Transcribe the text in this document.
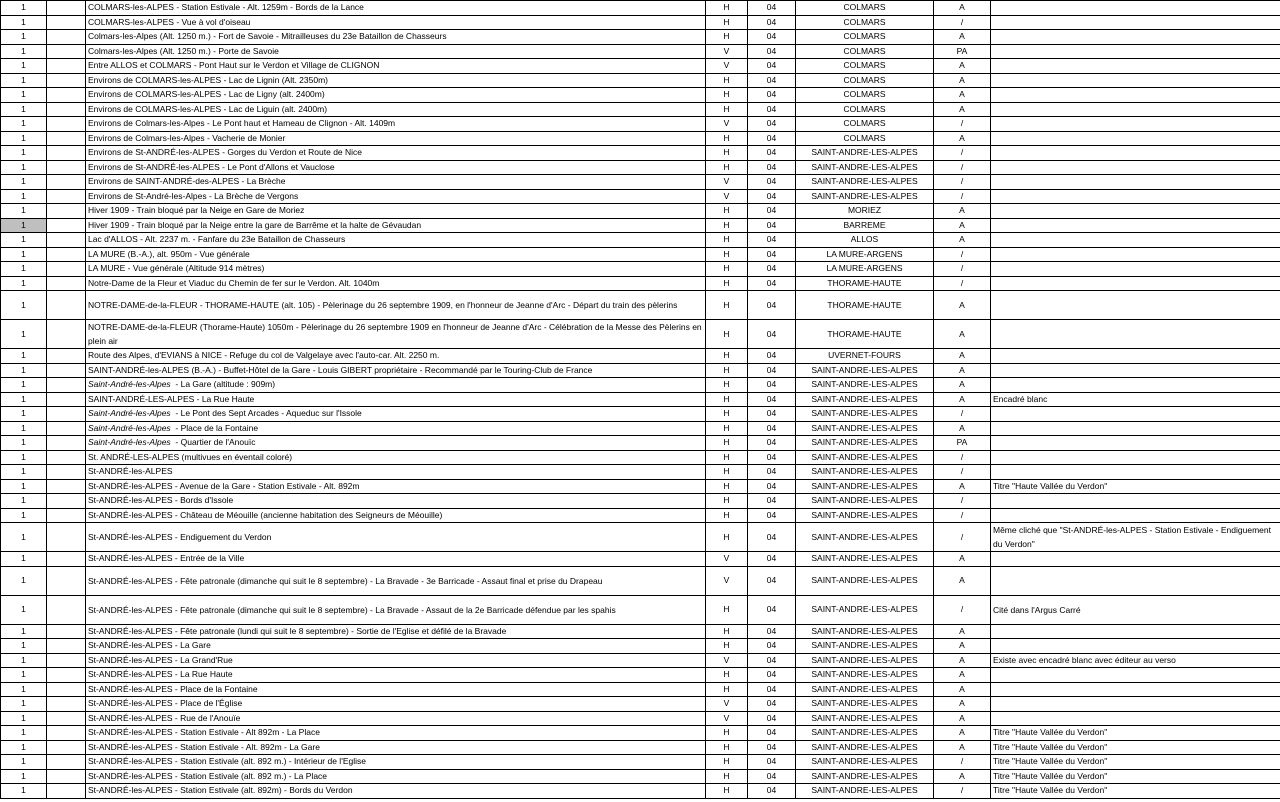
1		COLMARS-les-ALPES - Station Estivale - Alt. 1259m - Bords de la Lance	H	04	COLMARS	A	
1		COLMARS-les-ALPES - Vue à vol d'oiseau	H	04	COLMARS	/	
1		Colmars-les-Alpes (Alt. 1250 m.) - Fort de Savoie - Mitrailleuses du 23e Bataillon de Chasseurs	H	04	COLMARS	A	
1		Colmars-les-Alpes (Alt. 1250 m.) - Porte de Savoie	V	04	COLMARS	PA	
1		Entre ALLOS et COLMARS - Pont Haut sur le Verdon et Village de CLIGNON	V	04	COLMARS	A	
1		Environs de COLMARS-les-ALPES - Lac de Lignin (Alt. 2350m)	H	04	COLMARS	A	
1		Environs de COLMARS-les-ALPES - Lac de Ligny (alt. 2400m)	H	04	COLMARS	A	
1		Environs de COLMARS-les-ALPES - Lac de Liguin (alt. 2400m)	H	04	COLMARS	A	
1		Environs de Colmars-les-Alpes - Le Pont haut et Hameau de Clignon - Alt. 1409m	V	04	COLMARS	/	
1		Environs de Colmars-les-Alpes - Vacherie de Monier	H	04	COLMARS	A	
1		Environs de St-ANDRÉ-les-ALPES - Gorges du Verdon et Route de Nice	H	04	SAINT-ANDRE-LES-ALPES	/	
1		Environs de St-ANDRÉ-les-ALPES - Le Pont d'Allons et Vauclose	H	04	SAINT-ANDRE-LES-ALPES	/	
1		Environs de SAINT-ANDRÉ-des-ALPES - La Brèche	V	04	SAINT-ANDRE-LES-ALPES	/	
1		Environs de St-André-les-Alpes - La Brèche de Vergons	V	04	SAINT-ANDRE-LES-ALPES	/	
1		Hiver 1909 - Train bloqué par la Neige en Gare de Moriez	H	04	MORIEZ	A	
1		Hiver 1909 - Train bloqué par la Neige entre la gare de Barrême et la halte de Gévaudan	H	04	BARREME	A	
1		Lac d'ALLOS - Alt. 2237 m. - Fanfare du 23e Bataillon de Chasseurs	H	04	ALLOS	A	
1		LA MURE (B.-A.), alt. 950m - Vue générale	H	04	LA MURE-ARGENS	/	
1		LA MURE - Vue générale (Altitude 914 mètres)	H	04	LA MURE-ARGENS	/	
1		Notre-Dame de la Fleur et Viaduc du Chemin de fer sur le Verdon. Alt. 1040m	H	04	THORAME-HAUTE	/	
1		NOTRE-DAME-de-la-FLEUR - THORAME-HAUTE (alt. 105) - Pèlerinage du 26 septembre 1909, en l'honneur de Jeanne d'Arc - Départ du train des pèlerins	H	04	THORAME-HAUTE	A	
1		NOTRE-DAME-de-la-FLEUR (Thorame-Haute) 1050m - Pèlerinage du 26 septembre 1909 en l'honneur de Jeanne d'Arc - Célébration de la Messe des Pèlerins en plein air	H	04	THORAME-HAUTE	A	
1		Route des Alpes, d'EVIANS à NICE - Refuge du col de Valgelaye avec l'auto-car. Alt. 2250 m.	H	04	UVERNET-FOURS	A	
1		SAINT-ANDRÉ-les-ALPES (B.-A.) - Buffet-Hôtel de la Gare - Louis GIBERT propriétaire - Recommandé par le Touring-Club de France	H	04	SAINT-ANDRE-LES-ALPES	A	
1		Saint-André-les-Alpes  - La Gare (altitude : 909m)	H	04	SAINT-ANDRE-LES-ALPES	A	
1		SAINT-ANDRÉ-LES-ALPES - La Rue Haute	H	04	SAINT-ANDRE-LES-ALPES	A	Encadré blanc
1		Saint-André-les-Alpes  - Le Pont des Sept Arcades - Aqueduc sur l'Issole	H	04	SAINT-ANDRE-LES-ALPES	/	
1		Saint-André-les-Alpes  - Place de la Fontaine	H	04	SAINT-ANDRE-LES-ALPES	A	
1		Saint-André-les-Alpes  - Quartier de l'Anouïc	H	04	SAINT-ANDRE-LES-ALPES	PA	
1		St. ANDRÉ-LES-ALPES (multivues en éventail coloré)	H	04	SAINT-ANDRE-LES-ALPES	/	
1		St-ANDRÉ-les-ALPES	H	04	SAINT-ANDRE-LES-ALPES	/	
1		St-ANDRÉ-les-ALPES - Avenue de la Gare - Station Estivale - Alt. 892m	H	04	SAINT-ANDRE-LES-ALPES	A	Titre "Haute Vallée du Verdon"
1		St-ANDRÉ-les-ALPES - Bords d'Issole	H	04	SAINT-ANDRE-LES-ALPES	/	
1		St-ANDRÉ-les-ALPES - Château de Méouille (ancienne habitation des Seigneurs de Méouille)	H	04	SAINT-ANDRE-LES-ALPES	/	
1		St-ANDRÉ-les-ALPES - Endiguement du Verdon	H	04	SAINT-ANDRE-LES-ALPES	/	Même cliché que "St-ANDRÉ-les-ALPES - Station Estivale - Endiguement du Verdon"
1		St-ANDRÉ-les-ALPES - Entrée de la Ville	V	04	SAINT-ANDRE-LES-ALPES	A	
1		St-ANDRÉ-les-ALPES - Fête patronale (dimanche qui suit le 8 septembre) - La Bravade - 3e Barricade - Assaut final et prise du Drapeau	V	04	SAINT-ANDRE-LES-ALPES	A	
1		St-ANDRÉ-les-ALPES - Fête patronale (dimanche qui suit le 8 septembre) - La Bravade - Assaut de la 2e Barricade défendue par les spahis	H	04	SAINT-ANDRE-LES-ALPES	/	Cité dans l'Argus Carré
1		St-ANDRÉ-les-ALPES - Fête patronale (lundi qui suit le 8 septembre) - Sortie de l'Eglise et défilé de la Bravade	H	04	SAINT-ANDRE-LES-ALPES	A	
1		St-ANDRÉ-les-ALPES - La Gare	H	04	SAINT-ANDRE-LES-ALPES	A	
1		St-ANDRÉ-les-ALPES - La Grand'Rue	V	04	SAINT-ANDRE-LES-ALPES	A	Existe avec encadré blanc avec éditeur au verso
1		St-ANDRÉ-les-ALPES - La Rue Haute	H	04	SAINT-ANDRE-LES-ALPES	A	
1		St-ANDRÉ-les-ALPES - Place de la Fontaine	H	04	SAINT-ANDRE-LES-ALPES	A	
1		St-ANDRÉ-les-ALPES - Place de l'Église	V	04	SAINT-ANDRE-LES-ALPES	A	
1		St-ANDRÉ-les-ALPES - Rue de l'Anouïe	V	04	SAINT-ANDRE-LES-ALPES	A	
1		St-ANDRÉ-les-ALPES - Station Estivale - Alt 892m - La Place	H	04	SAINT-ANDRE-LES-ALPES	A	Titre "Haute Vallée du Verdon"
1		St-ANDRÉ-les-ALPES - Station Estivale - Alt. 892m - La Gare	H	04	SAINT-ANDRE-LES-ALPES	A	Titre "Haute Vallée du Verdon"
1		St-ANDRÉ-les-ALPES - Station Estivale (alt. 892 m.) - Intérieur de l'Eglise	H	04	SAINT-ANDRE-LES-ALPES	/	Titre "Haute Vallée du Verdon"
1		St-ANDRÉ-les-ALPES - Station Estivale (alt. 892 m.) - La Place	H	04	SAINT-ANDRE-LES-ALPES	A	Titre "Haute Vallée du Verdon"
1		St-ANDRÉ-les-ALPES - Station Estivale (alt. 892m) - Bords du Verdon	H	04	SAINT-ANDRE-LES-ALPES	/	Titre "Haute Vallée du Verdon"
